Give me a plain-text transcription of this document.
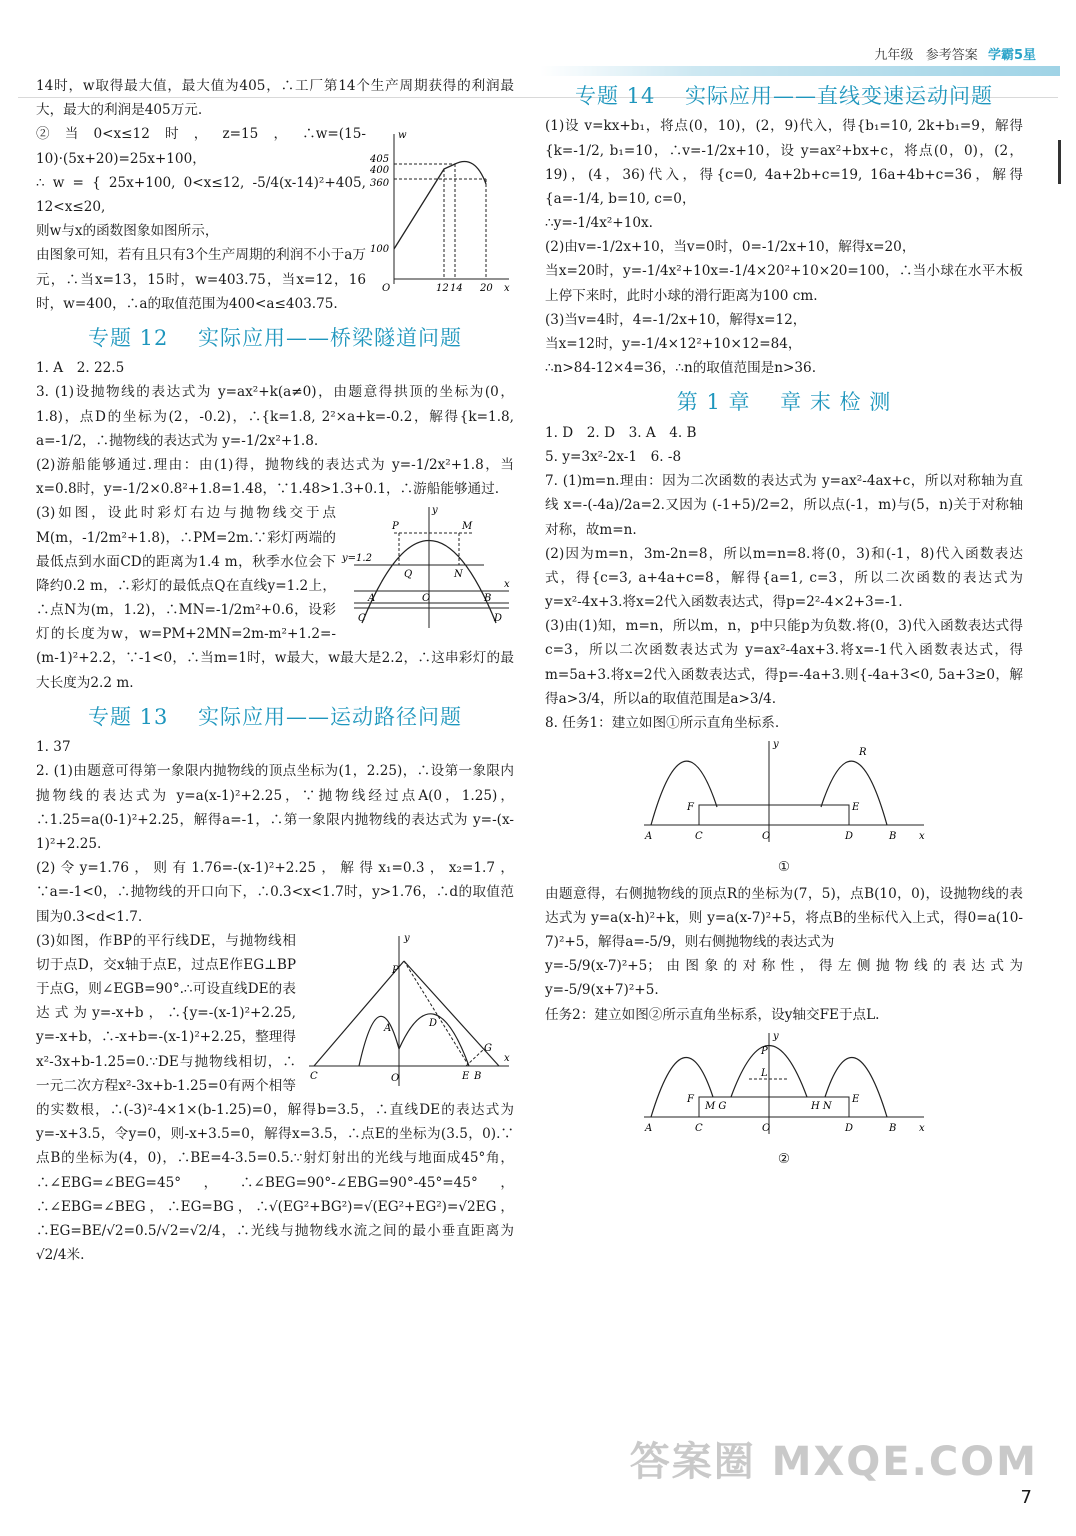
九年级 参考答案 学霸5星

14时，w取得最大值，最大值为405，∴工厂第14个生产周期获得的利润最大，最大的利润是405万元.

w
405
400
360
100
O	12 14 20 x

②当0<x≤12时，z=15，∴w=(15-10)·(5x+20)=25x+100，

∴ w = { 25x+100, 0<x≤12, -5/4(x-14)²+405, 12<x≤20,

则w与x的函数图象如图所示，

由图象可知，若有且只有3个生产周期的利润不小于a万元，∴当x=13，15时，w=403.75，当x=12，16时，w=400，∴a的取值范围为400<a≤403.75.

专题 12 　实际应用——桥梁隧道问题

1. A　2. 22.5

3. (1)设抛物线的表达式为 y=ax²+k(a≠0)，由题意得拱顶的坐标为(0，1.8)，点D的坐标为(2，-0.2)，∴{k=1.8, 2²×a+k=-0.2，解得{k=1.8, a=-1/2，∴抛物线的表达式为 y=-1/2x²+1.8.

(2)游船能够通过.理由：由(1)得，抛物线的表达式为 y=-1/2x²+1.8，当x=0.8时，y=-1/2×0.8²+1.8=1.48，∵1.48>1.3+0.1，∴游船能够通过.

y
y=1.2
P	M
Q	N
A	O	B
C	D
x

(3)如图，设此时彩灯右边与抛物线交于点M(m，-1/2m²+1.8)，∴PM=2m.∵彩灯两端的最低点到水面CD的距离为1.4 m，秋季水位会下降约0.2 m，∴彩灯的最低点Q在直线y=1.2上，∴点N为(m，1.2)，∴MN=-1/2m²+0.6，设彩灯的长度为w，w=PM+2MN=2m-m²+1.2=-(m-1)²+2.2，∵-1<0，∴当m=1时，w最大，w最大是2.2，∴这串彩灯的最大长度为2.2 m.

专题 13 　实际应用——运动路径问题

1. 37

2. (1)由题意可得第一象限内抛物线的顶点坐标为(1，2.25)，∴设第一象限内抛物线的表达式为 y=a(x-1)²+2.25，∵抛物线经过点A(0，1.25)，∴1.25=a(0-1)²+2.25，解得a=-1，∴第一象限内抛物线的表达式为 y=-(x-1)²+2.25.

(2)令y=1.76，则有1.76=-(x-1)²+2.25，解得x₁=0.3，x₂=1.7，∵a=-1<0，∴抛物线的开口向下，∴0.3<x<1.7时，y>1.76，∴d的取值范围为0.3<d<1.7.

y
P
A	D
G
C	O	E B
x

(3)如图，作BP的平行线DE，与抛物线相切于点D，交x轴于点E，过点E作EG⊥BP于点G，则∠EGB=90°.∴可设直线DE的表达式为y=-x+b，∴{y=-(x-1)²+2.25, y=-x+b，∴-x+b=-(x-1)²+2.25，整理得x²-3x+b-1.25=0.∵DE与抛物线相切，∴一元二次方程x²-3x+b-1.25=0有两个相等的实数根，∴(-3)²-4×1×(b-1.25)=0，解得b=3.5，∴直线DE的表达式为y=-x+3.5，令y=0，则-x+3.5=0，解得x=3.5，∴点E的坐标为(3.5，0).∵点B的坐标为(4，0)，∴BE=4-3.5=0.5.∵射灯射出的光线与地面成45°角，∴∠EBG=∠BEG=45°，∴∠BEG=90°-∠EBG=90°-45°=45°，∴∠EBG=∠BEG，∴EG=BG，∴√(EG²+BG²)=√(EG²+EG²)=√2EG，∴EG=BE/√2=0.5/√2=√2/4，∴光线与抛物线水流之间的最小垂直距离为√2/4米.

专题 14 　实际应用——直线变速运动问题

(1)设 v=kx+b₁，将点(0，10)，(2，9)代入，得{b₁=10, 2k+b₁=9，解得{k=-1/2, b₁=10，∴v=-1/2x+10，设 y=ax²+bx+c，将点(0，0)，(2，19)，(4，36)代入，得{c=0, 4a+2b+c=19, 16a+4b+c=36，解得{a=-1/4, b=10, c=0，

∴y=-1/4x²+10x.

(2)由v=-1/2x+10，当v=0时，0=-1/2x+10，解得x=20，

当x=20时，y=-1/4x²+10x=-1/4×20²+10×20=100，∴当小球在水平木板上停下来时，此时小球的滑行距离为100 cm.

(3)当v=4时，4=-1/2x+10，解得x=12，

当x=12时，y=-1/4×12²+10×12=84，

∴n>84-12×4=36，∴n的取值范围是n>36.

第 1 章 　章 末 检 测

1. D　2. D　3. A　4. B

5. y=3x²-2x-1　6. -8

7. (1)m=n.理由：因为二次函数的表达式为 y=ax²-4ax+c，所以对称轴为直线 x=-(-4a)/2a=2.又因为 (-1+5)/2=2，所以点(-1，m)与(5，n)关于对称轴对称，故m=n.

(2)因为m=n，3m-2n=8，所以m=n=8.将(0，3)和(-1，8)代入函数表达式，得{c=3, a+4a+c=8，解得{a=1, c=3，所以二次函数的表达式为 y=x²-4x+3.将x=2代入函数表达式，得p=2²-4×2+3=-1.

(3)由(1)知，m=n，所以m，n，p中只能p为负数.将(0，3)代入函数表达式得c=3，所以二次函数表达式为 y=ax²-4ax+3.将x=-1代入函数表达式，得m=5a+3.将x=2代入函数表达式，得p=-4a+3.则{-4a+3<0, 5a+3≥0，解得a>3/4，所以a的取值范围是a>3/4.

8. 任务1：建立如图①所示直角坐标系.

y
R
F	E
A	C	O	D	B x
①

由题意得，右侧抛物线的顶点R的坐标为(7，5)，点B(10，0)，设抛物线的表达式为 y=a(x-h)²+k，则 y=a(x-7)²+5，将点B的坐标代入上式，得0=a(10-7)²+5，解得a=-5/9，则右侧抛物线的表达式为

y=-5/9(x-7)²+5；由图象的对称性，得左侧抛物线的表达式为 y=-5/9(x+7)²+5.

任务2：建立如图②所示直角坐标系，设y轴交FE于点L.

y
P
L
F
M G	H N
E
A	C	O	D	B x
②
答案圈 MXQE.COM
7
